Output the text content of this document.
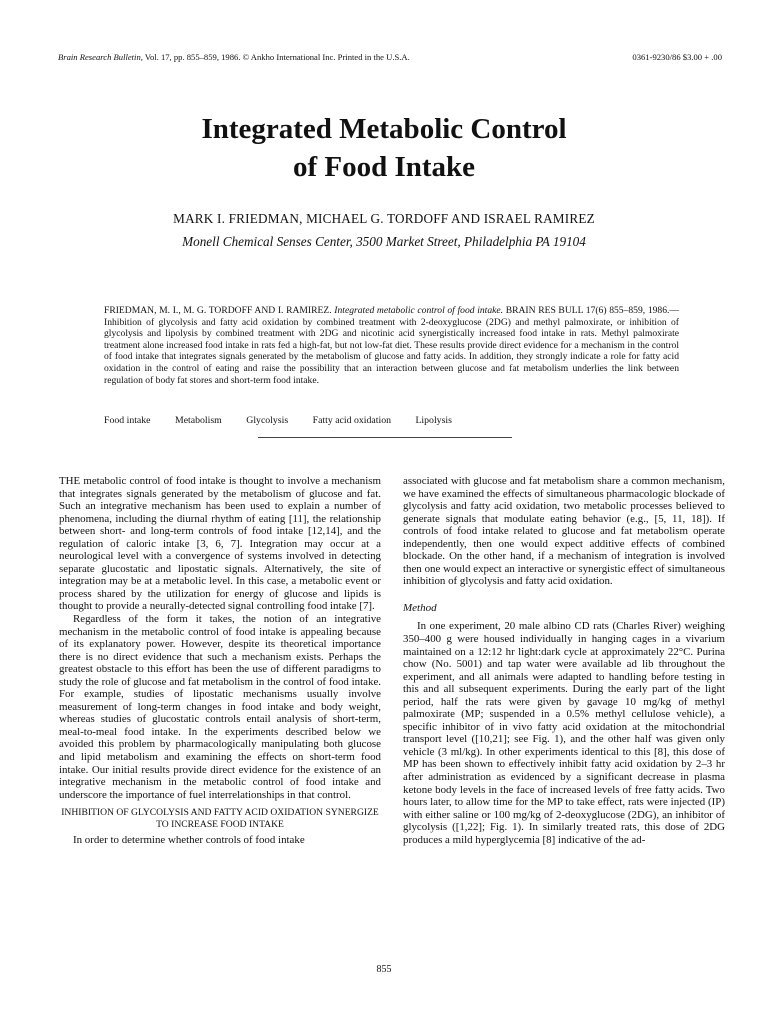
Brain Research Bulletin, Vol. 17, pp. 855–859, 1986. © Ankho International Inc. Printed in the U.S.A.	0361-9230/86 $3.00 + .00
Integrated Metabolic Control
of Food Intake
MARK I. FRIEDMAN, MICHAEL G. TORDOFF AND ISRAEL RAMIREZ
Monell Chemical Senses Center, 3500 Market Street, Philadelphia PA 19104
FRIEDMAN, M. I., M. G. TORDOFF AND I. RAMIREZ. Integrated metabolic control of food intake. BRAIN RES BULL 17(6) 855–859, 1986.—Inhibition of glycolysis and fatty acid oxidation by combined treatment with 2-deoxyglucose (2DG) and methyl palmoxirate, or inhibition of glycolysis and lipolysis by combined treatment with 2DG and nicotinic acid synergistically increased food intake in rats. Methyl palmoxirate treatment alone increased food intake in rats fed a high-fat, but not low-fat diet. These results provide direct evidence for a mechanism in the control of food intake that integrates signals generated by the metabolism of glucose and fatty acids. In addition, they strongly indicate a role for fatty acid oxidation in the control of eating and raise the possibility that an interaction between glucose and fat metabolism underlies the link between regulation of body fat stores and short-term food intake.
Food intake Metabolism Glycolysis Fatty acid oxidation Lipolysis

THE metabolic control of food intake is thought to involve a mechanism that integrates signals generated by the metabolism of glucose and fat. Such an integrative mechanism has been used to explain a number of phenomena, including the diurnal rhythm of eating [11], the relationship between short- and long-term controls of food intake [12,14], and the regulation of caloric intake [3, 6, 7]. Integration may occur at a neurological level with a convergence of systems involved in detecting separate glucostatic and lipostatic signals. Alternatively, the site of integration may be at a metabolic level. In this case, a metabolic event or process shared by the utilization for energy of glucose and lipids is thought to provide a neurally-detected signal controlling food intake [7].

Regardless of the form it takes, the notion of an integrative mechanism in the metabolic control of food intake is appealing because of its explanatory power. However, despite its theoretical importance there is no direct evidence that such a mechanism exists. Perhaps the greatest obstacle to this effort has been the use of different paradigms to study the role of glucose and fat metabolism in the control of food intake. For example, studies of lipostatic mechanisms usually involve measurement of long-term changes in food intake and body weight, whereas studies of glucostatic controls entail analysis of short-term, meal-to-meal food intake. In the experiments described below we avoided this problem by pharmacologically manipulating both glucose and lipid metabolism and examining the effects on short-term food intake. Our initial results provide direct evidence for the existence of an integrative mechanism in the metabolic control of food intake and underscore the importance of fuel interrelationships in that control.

INHIBITION OF GLYCOLYSIS AND FATTY ACID OXIDATION SYNERGIZE TO INCREASE FOOD INTAKE

In order to determine whether controls of food intake

associated with glucose and fat metabolism share a common mechanism, we have examined the effects of simultaneous pharmacologic blockade of glycolysis and fatty acid oxidation, two metabolic processes believed to generate signals that modulate eating behavior (e.g., [5, 11, 18]). If controls of food intake related to glucose and fat metabolism operate independently, then one would expect additive effects of combined blockade. On the other hand, if a mechanism of integration is involved then one would expect an interactive or synergistic effect of simultaneous inhibition of glycolysis and fatty acid oxidation.

Method

In one experiment, 20 male albino CD rats (Charles River) weighing 350–400 g were housed individually in hanging cages in a vivarium maintained on a 12:12 hr light:dark cycle at approximately 22°C. Purina chow (No. 5001) and tap water were available ad lib throughout the experiment, and all animals were adapted to handling before testing in this and all subsequent experiments. During the early part of the light period, half the rats were given by gavage 10 mg/kg of methyl palmoxirate (MP; suspended in a 0.5% methyl cellulose vehicle), a specific inhibitor of in vivo fatty acid oxidation at the mitochondrial transport level ([10,21]; see Fig. 1), and the other half was given only vehicle (3 ml/kg). In other experiments identical to this [8], this dose of MP has been shown to effectively inhibit fatty acid oxidation by 2–3 hr after administration as evidenced by a significant decrease in plasma ketone body levels in the face of increased levels of free fatty acids. Two hours later, to allow time for the MP to take effect, rats were injected (IP) with either saline or 100 mg/kg of 2-deoxyglucose (2DG), an inhibitor of glycolysis ([1,22]; Fig. 1). In similarly treated rats, this dose of 2DG produces a mild hyperglycemia [8] indicative of the ad-

855
